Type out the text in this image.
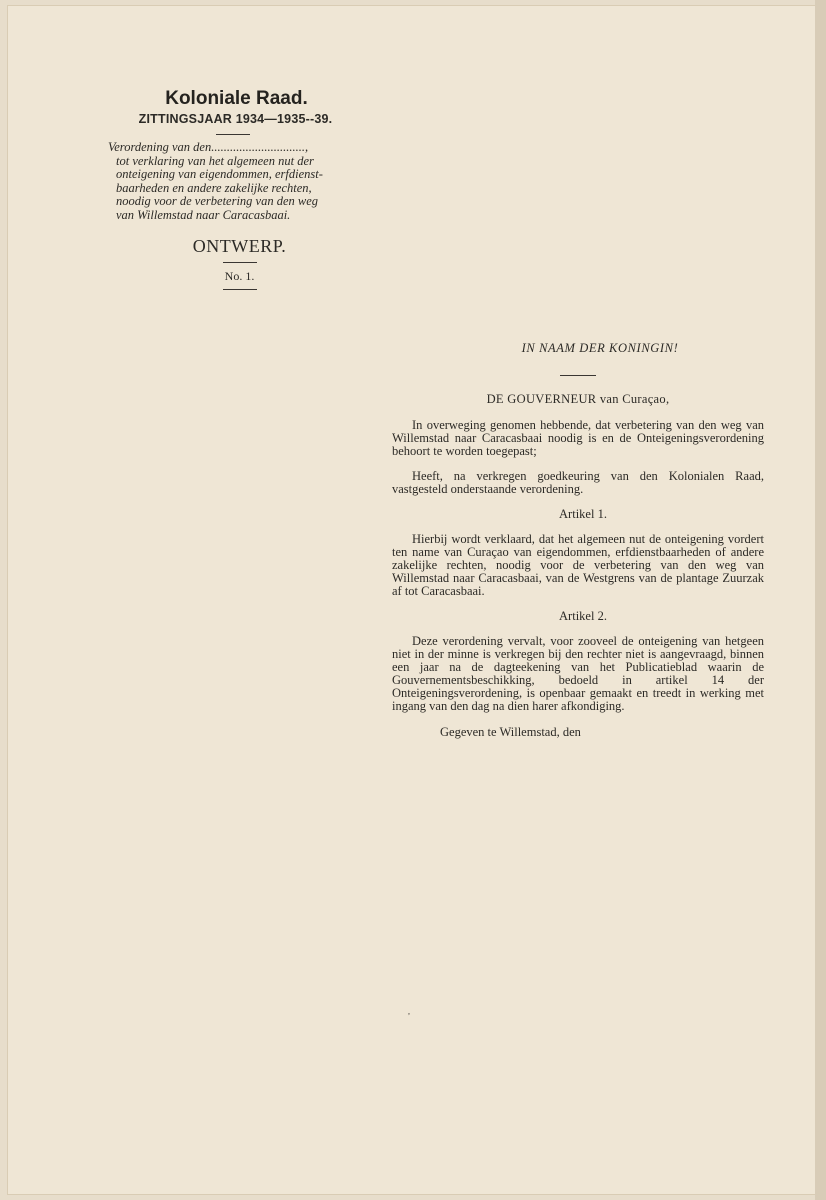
Koloniale Raad.
ZITTINGSJAAR 1934—1935--39.
Verordening van den..............................,
tot verklaring van het algemeen nut der
onteigening van eigendommen, erfdienst-
baarheden en andere zakelijke rechten,
noodig voor de verbetering van den weg
van Willemstad naar Caracasbaai.
ONTWERP.
No. 1.
IN NAAM DER KONINGIN!
DE GOUVERNEUR van Curaçao,
In overweging genomen hebbende, dat verbetering van den weg van Willemstad naar Caracasbaai noodig is en de Onteigeningsverordening behoort te worden toegepast;
Heeft, na verkregen goedkeuring van den Kolonialen Raad, vastgesteld onderstaande verordening.
Artikel 1.
Hierbij wordt verklaard, dat het algemeen nut de onteigening vordert ten name van Curaçao van eigendommen, erfdienstbaarheden of andere zakelijke rechten, noodig voor de verbetering van den weg van Willemstad naar Caracasbaai, van de Westgrens van de plantage Zuurzak af tot Caracasbaai.
Artikel 2.
Deze verordening vervalt, voor zooveel de onteigening van hetgeen niet in der minne is verkregen bij den rechter niet is aangevraagd, binnen een jaar na de dagteekening van het Publicatieblad waarin de Gouvernementsbeschikking, bedoeld in artikel 14 der Onteigeningsverordening, is openbaar gemaakt en treedt in werking met ingang van den dag na dien harer afkondiging.
Gegeven te Willemstad, den
,
